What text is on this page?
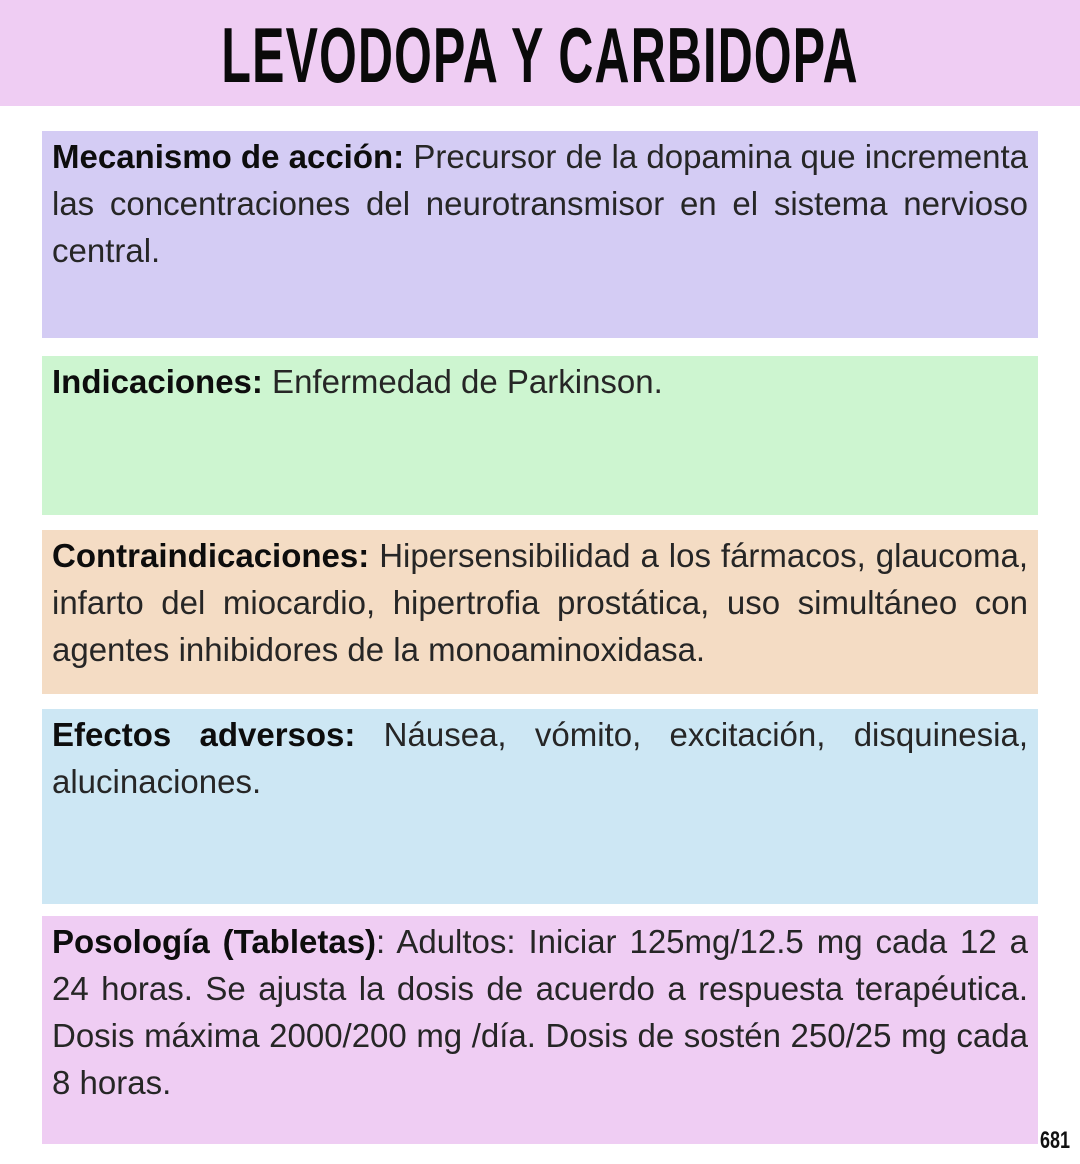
LEVODOPA Y CARBIDOPA

Mecanismo de acción: Precursor de la dopamina que incrementa las concentraciones del neurotransmisor en el sistema nervioso central.

Indicaciones: Enfermedad de Parkinson.

Contraindicaciones: Hipersensibilidad a los fármacos, glaucoma, infarto del miocardio, hipertrofia prostática, uso simultáneo con agentes inhibidores de la monoaminoxidasa.

Efectos adversos: Náusea, vómito, excitación, disquinesia, alucinaciones.

Posología (Tabletas): Adultos: Iniciar 125mg/12.5 mg cada 12 a 24 horas. Se ajusta la dosis de acuerdo a respuesta terapéutica. Dosis máxima 2000/200 mg /día. Dosis de sostén 250/25 mg cada 8 horas.

681
